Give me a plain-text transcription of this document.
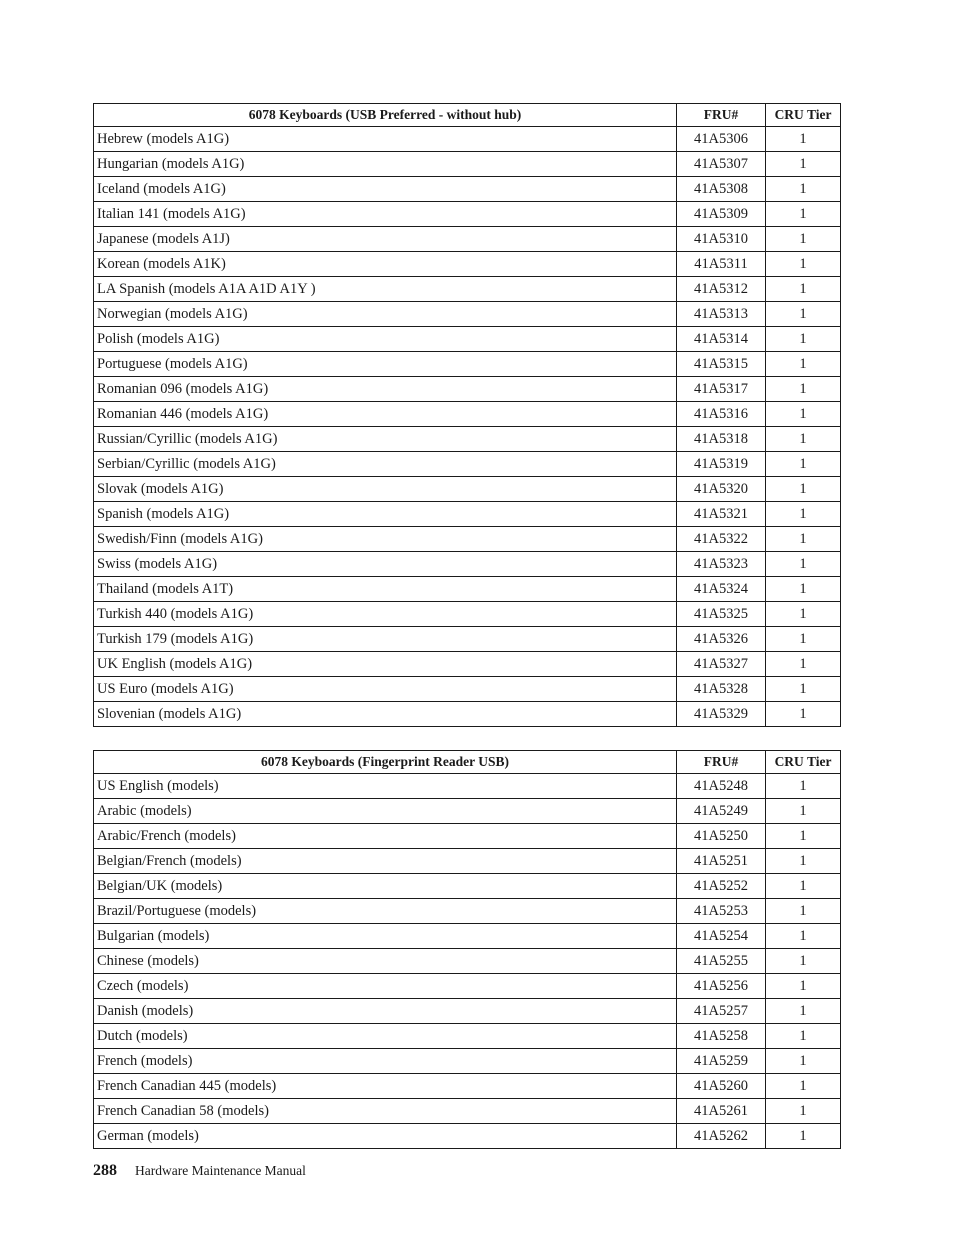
6078 Keyboards (USB Preferred - without hub)	FRU#	CRU Tier
Hebrew (models A1G)	41A5306	1
Hungarian (models A1G)	41A5307	1
Iceland (models A1G)	41A5308	1
Italian 141 (models A1G)	41A5309	1
Japanese (models A1J)	41A5310	1
Korean (models A1K)	41A5311	1
LA Spanish (models A1A A1D A1Y )	41A5312	1
Norwegian (models A1G)	41A5313	1
Polish (models A1G)	41A5314	1
Portuguese (models A1G)	41A5315	1
Romanian 096 (models A1G)	41A5317	1
Romanian 446 (models A1G)	41A5316	1
Russian/Cyrillic (models A1G)	41A5318	1
Serbian/Cyrillic (models A1G)	41A5319	1
Slovak (models A1G)	41A5320	1
Spanish (models A1G)	41A5321	1
Swedish/Finn (models A1G)	41A5322	1
Swiss (models A1G)	41A5323	1
Thailand (models A1T)	41A5324	1
Turkish 440 (models A1G)	41A5325	1
Turkish 179 (models A1G)	41A5326	1
UK English (models A1G)	41A5327	1
US Euro (models A1G)	41A5328	1
Slovenian (models A1G)	41A5329	1
6078 Keyboards (Fingerprint Reader USB)	FRU#	CRU Tier
US English (models)	41A5248	1
Arabic (models)	41A5249	1
Arabic/French (models)	41A5250	1
Belgian/French (models)	41A5251	1
Belgian/UK (models)	41A5252	1
Brazil/Portuguese (models)	41A5253	1
Bulgarian (models)	41A5254	1
Chinese (models)	41A5255	1
Czech (models)	41A5256	1
Danish (models)	41A5257	1
Dutch (models)	41A5258	1
French (models)	41A5259	1
French Canadian 445 (models)	41A5260	1
French Canadian 58 (models)	41A5261	1
German (models)	41A5262	1
288 Hardware Maintenance Manual
